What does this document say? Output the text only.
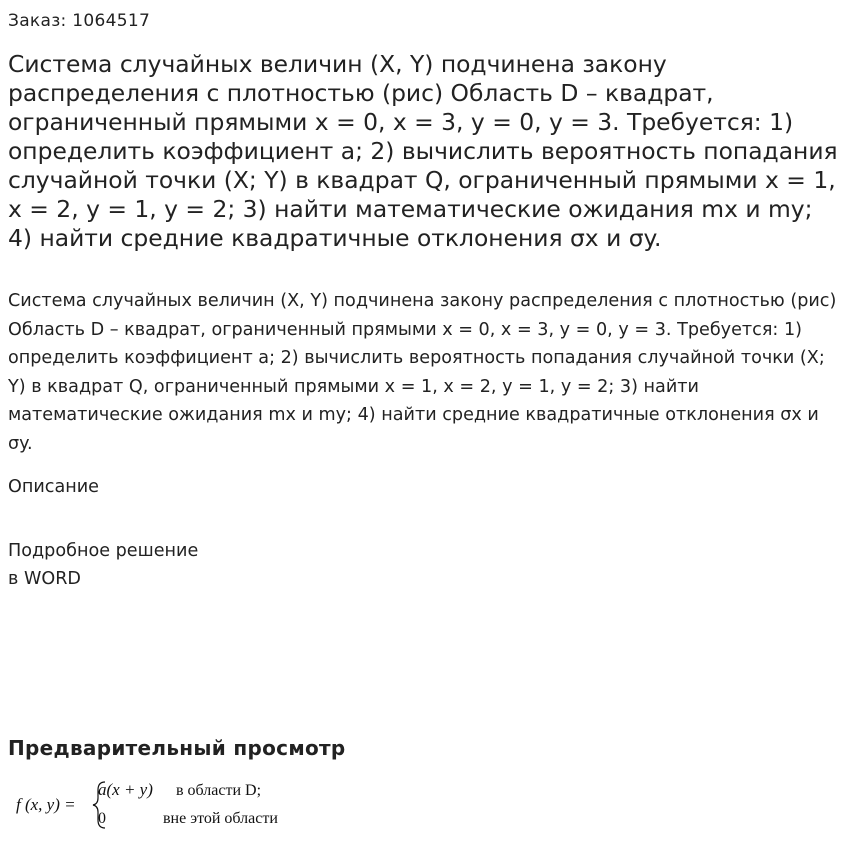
Заказ: 1064517
Система случайных величин (X, Y) подчинена закону распределения с плотностью (рис) Область D – квадрат, ограниченный прямыми x = 0, x = 3, y = 0, y = 3. Требуется: 1) определить коэффициент a; 2) вычислить вероятность попадания случайной точки (X; Y) в квадрат Q, ограниченный прямыми x = 1, x = 2, y = 1, y = 2; 3) найти математические ожидания mx и my; 4) найти средние квадратичные отклонения σx и σy.
Система случайных величин (X, Y) подчинена закону распределения с плотностью (рис) Область D – квадрат, ограниченный прямыми x = 0, x = 3, y = 0, y = 3. Требуется: 1) определить коэффициент a; 2) вычислить вероятность попадания случайной точки (X; Y) в квадрат Q, ограниченный прямыми x = 1, x = 2, y = 1, y = 2; 3) найти математические ожидания mx и my; 4) найти средние квадратичные отклонения σx и σy.
Описание
Подробное решение
в WORD
Предварительный просмотр
f (x, y) =
a(x + y) в области D;
0	вне этой области
